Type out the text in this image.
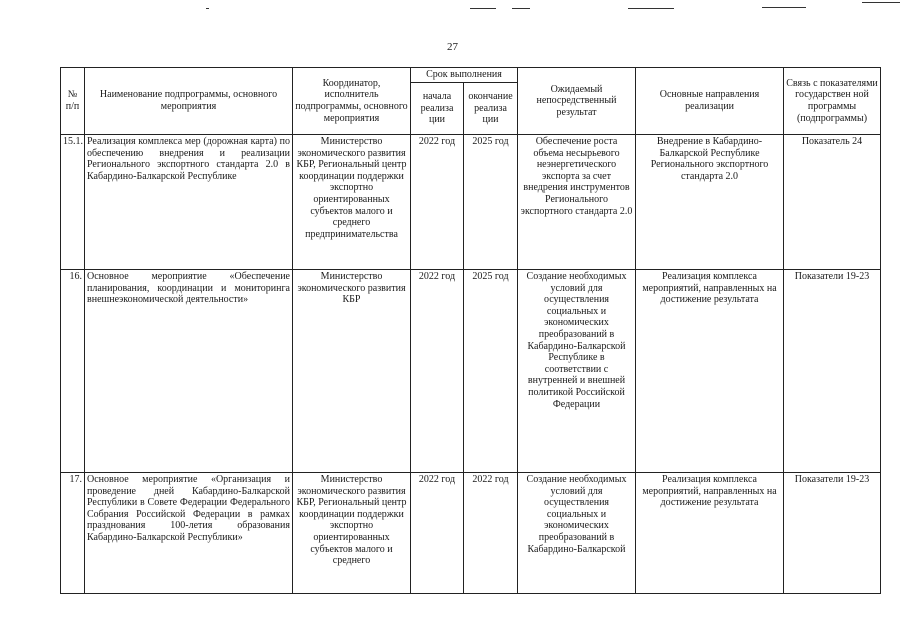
27
№ п/п	Наименование подпрограммы, основного мероприятия	Координатор, исполнитель подпрограммы, основного мероприятия	Срок выполнения		Ожидаемый непосредственный результат	Основные направления реализации	Связь с показателями государствен ной программы (подпрограммы)
			начала реализа ции	окончание реализа ции			
15.1.	Реализация комплекса мер (дорожная карта) по обеспечению внедрения и реализации Регионального экспортного стандарта 2.0 в Кабардино-Балкарской Республике	Министерство экономического развития КБР, Региональный центр координации поддержки экспортно ориентированных субъектов малого и среднего предпринимательства	2022 год	2025 год	Обеспечение роста объема несырьевого неэнергетического экспорта за счет внедрения инструментов Регионального экспортного стандарта 2.0	Внедрение в Кабардино-Балкарской Республике Регионального экспортного стандарта 2.0	Показатель 24
16.	Основное мероприятие «Обеспечение планирования, координации и мониторинга внешнеэкономической деятельности»	Министерство экономического развития КБР	2022 год	2025 год	Создание необходимых условий для осуществления социальных и экономических преобразований в Кабардино-Балкарской Республике в соответствии с внутренней и внешней политикой Российской Федерации	Реализация комплекса мероприятий, направленных на достижение результата	Показатели 19-23
17.	Основное мероприятие «Организация и проведение дней Кабардино-Балкарской Республики в Совете Федерации Федерального Собрания Российской Федерации в рамках празднования 100-летия образования Кабардино-Балкарской Республики»	Министерство экономического развития КБР, Региональный центр координации поддержки экспортно ориентированных субъектов малого и среднего	2022 год	2022 год	Создание необходимых условий для осуществления социальных и экономических преобразований в Кабардино-Балкарской	Реализация комплекса мероприятий, направленных на достижение результата	Показатели 19-23
